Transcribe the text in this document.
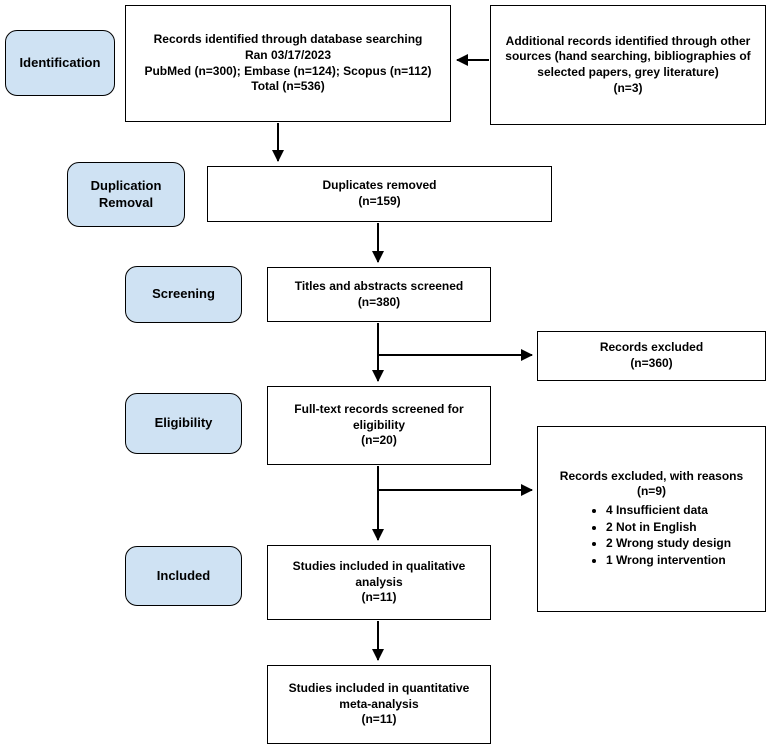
Identification
Duplication Removal
Screening
Eligibility
Included
Records identified through database searching
Ran 03/17/2023
PubMed (n=300); Embase (n=124); Scopus (n=112)
Total (n=536)
Additional records identified through other sources (hand searching, bibliographies of selected papers, grey literature)
(n=3)
Duplicates removed
(n=159)
Titles and abstracts screened
(n=380)
Records excluded
(n=360)
Full-text records screened for eligibility
(n=20)
Records excluded, with reasons
(n=9)
• 4 Insufficient data
• 2 Not in English
• 2 Wrong study design
• 1 Wrong intervention
Studies included in qualitative analysis
(n=11)
Studies included in quantitative meta-analysis
(n=11)
